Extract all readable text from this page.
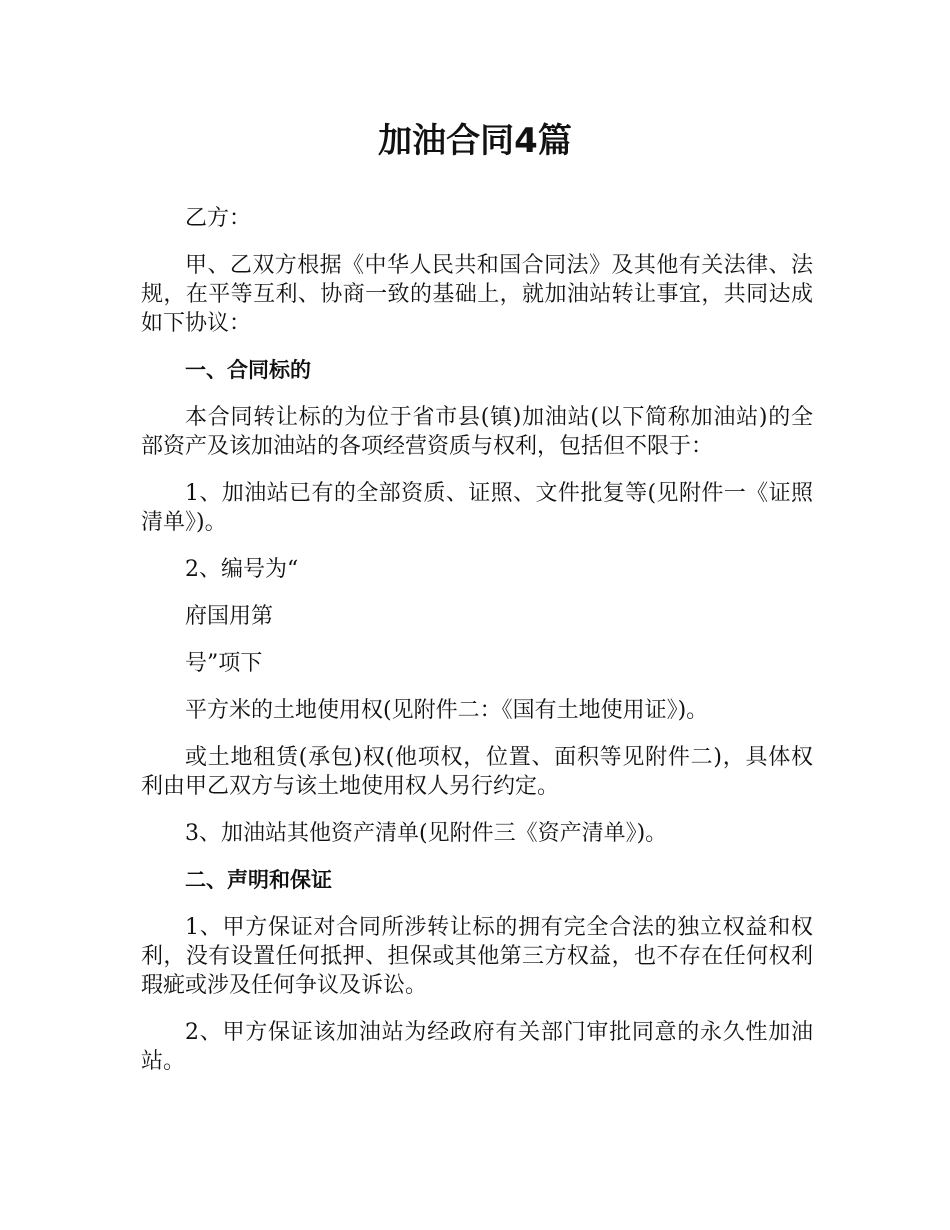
加油合同4篇

乙方：

甲、乙双方根据《中华人民共和国合同法》及其他有关法律、法规，在平等互利、协商一致的基础上，就加油站转让事宜，共同达成如下协议：

一、合同标的

本合同转让标的为位于省市县(镇)加油站(以下简称加油站)的全部资产及该加油站的各项经营资质与权利，包括但不限于：

1、加油站已有的全部资质、证照、文件批复等(见附件一《证照清单》)。

2、编号为“

府国用第

号”项下

平方米的土地使用权(见附件二：《国有土地使用证》)。

或土地租赁(承包)权(他项权，位置、面积等见附件二)，具体权利由甲乙双方与该土地使用权人另行约定。

3、加油站其他资产清单(见附件三《资产清单》)。

二、声明和保证

1、甲方保证对合同所涉转让标的拥有完全合法的独立权益和权利，没有设置任何抵押、担保或其他第三方权益，也不存在任何权利瑕疵或涉及任何争议及诉讼。

2、甲方保证该加油站为经政府有关部门审批同意的永久性加油站。
